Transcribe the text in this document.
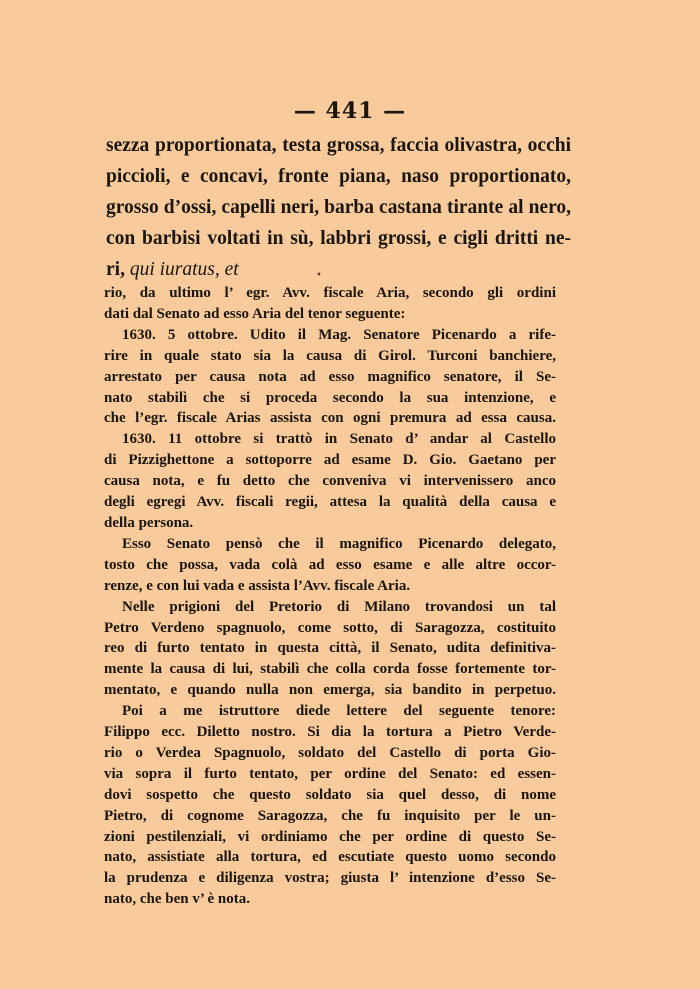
— 441 —
sezza proportionata, testa grossa, faccia olivastra, occhi
piccioli, e concavi, fronte piana, naso proportionato,
grosso d’ossi, capelli neri, barba castana tirante al nero,
con barbisi voltati in sù, labbri grossi, e cigli dritti ne-
ri, qui iuratus, et	•
rio, da ultimo l’ egr. Avv. fiscale Aria, secondo gli ordini
dati dal Senato ad esso Aria del tenor seguente:
1630. 5 ottobre. Udito il Mag. Senatore Picenardo a rife-
rire in quale stato sia la causa di Girol. Turconi banchiere,
arrestato per causa nota ad esso magnifico senatore, il Se-
nato stabilì che si proceda secondo la sua intenzione, e
che l’egr. fiscale Arias assista con ogni premura ad essa causa.
1630. 11 ottobre si trattò in Senato d’ andar al Castello
di Pizzighettone a sottoporre ad esame D. Gio. Gaetano per
causa nota, e fu detto che conveniva vi intervenissero anco
degli egregi Avv. fiscali regii, attesa la qualità della causa e
della persona.
Esso Senato pensò che il magnifico Picenardo delegato,
tosto che possa, vada colà ad esso esame e alle altre occor-
renze, e con lui vada e assista l’Avv. fiscale Aria.
Nelle prigioni del Pretorio di Milano trovandosi un tal
Petro Verdeno spagnuolo, come sotto, di Saragozza, costituito
reo di furto tentato in questa città, il Senato, udita definitiva-
mente la causa di lui, stabilì che colla corda fosse fortemente tor-
mentato, e quando nulla non emerga, sia bandito in perpetuo.
Poi a me istruttore diede lettere del seguente tenore:
Filippo ecc. Diletto nostro. Si dia la tortura a Pietro Verde-
rio o Verdea Spagnuolo, soldato del Castello di porta Gio-
via sopra il furto tentato, per ordine del Senato: ed essen-
dovi sospetto che questo soldato sia quel desso, di nome
Pietro, di cognome Saragozza, che fu inquisito per le un-
zioni pestilenziali, vi ordiniamo che per ordine di questo Se-
nato, assistiate alla tortura, ed escutiate questo uomo secondo
la prudenza e diligenza vostra; giusta l’ intenzione d’esso Se-
nato, che ben v’ è nota.
